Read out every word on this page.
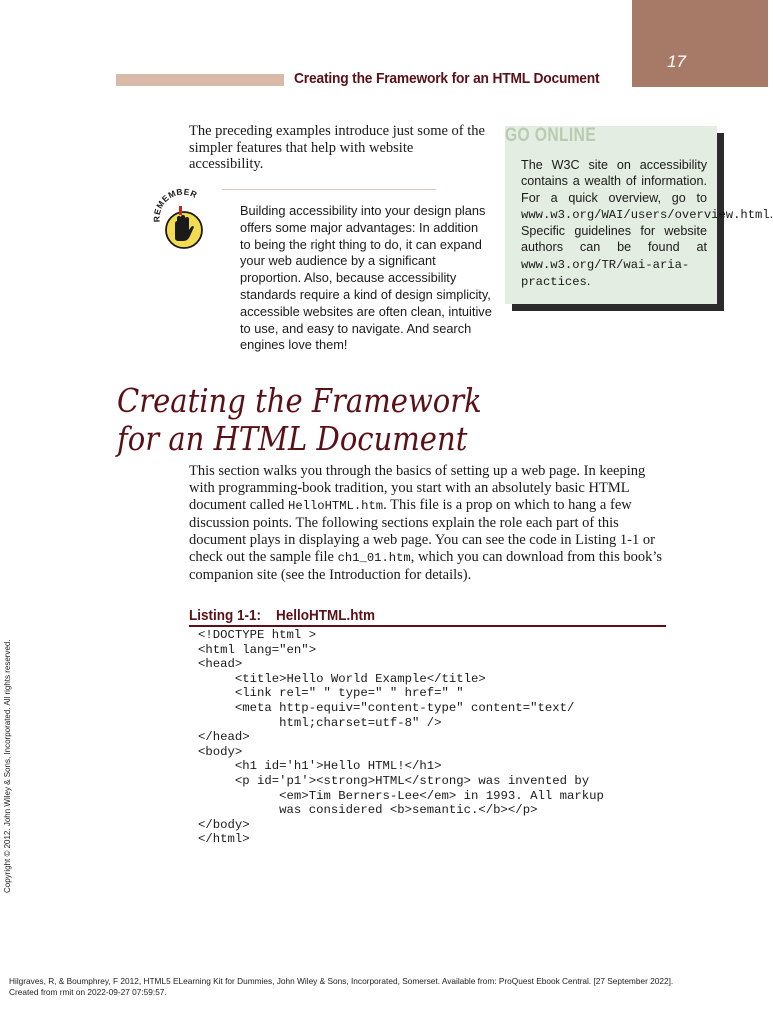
17
Creating the Framework for an HTML Document
The preceding examples introduce just some of the simpler features that help with website accessibility.
REMEMBER
Building accessibility into your design plans offers some major advantages: In addition to being the right thing to do, it can expand your web audience by a significant proportion. Also, because accessibility standards require a kind of design simplicity, accessible websites are often clean, intuitive to use, and easy to navigate. And search engines love them!
GO ONLINE
The W3C site on accessibility contains a wealth of information. For a quick overview, go to www.w3.org/WAI/users/overview.html. Specific guidelines for website authors can be found at www.w3.org/TR/wai-aria-practices.
Creating the Framework
for an HTML Document
This section walks you through the basics of setting up a web page. In keeping with programming-book tradition, you start with an absolutely basic HTML document called HelloHTML.htm. This file is a prop on which to hang a few discussion points. The following sections explain the role each part of this document plays in displaying a web page. You can see the code in Listing 1-1 or check out the sample file ch1_01.htm, which you can download from this book’s companion site (see the Introduction for details).
Listing 1-1:    HelloHTML.htm
<!DOCTYPE html >
<html lang="en">
<head>
<title>Hello World Example</title>
<link rel=" " type=" " href=" "
<meta http-equiv="content-type" content="text/
html;charset=utf-8" />
</head>
<body>
<h1 id='h1'>Hello HTML!</h1>
<p id='p1'><strong>HTML</strong> was invented by
<em>Tim Berners-Lee</em> in 1993. All markup
was considered <b>semantic.</b></p>
</body>
</html>
Copyright © 2012. John Wiley & Sons, Incorporated. All rights reserved.
Hilgraves, R, & Boumphrey, F 2012, HTML5 ELearning Kit for Dummies, John Wiley & Sons, Incorporated, Somerset. Available from: ProQuest Ebook Central. [27 September 2022].
Created from rmit on 2022-09-27 07:59:57.
